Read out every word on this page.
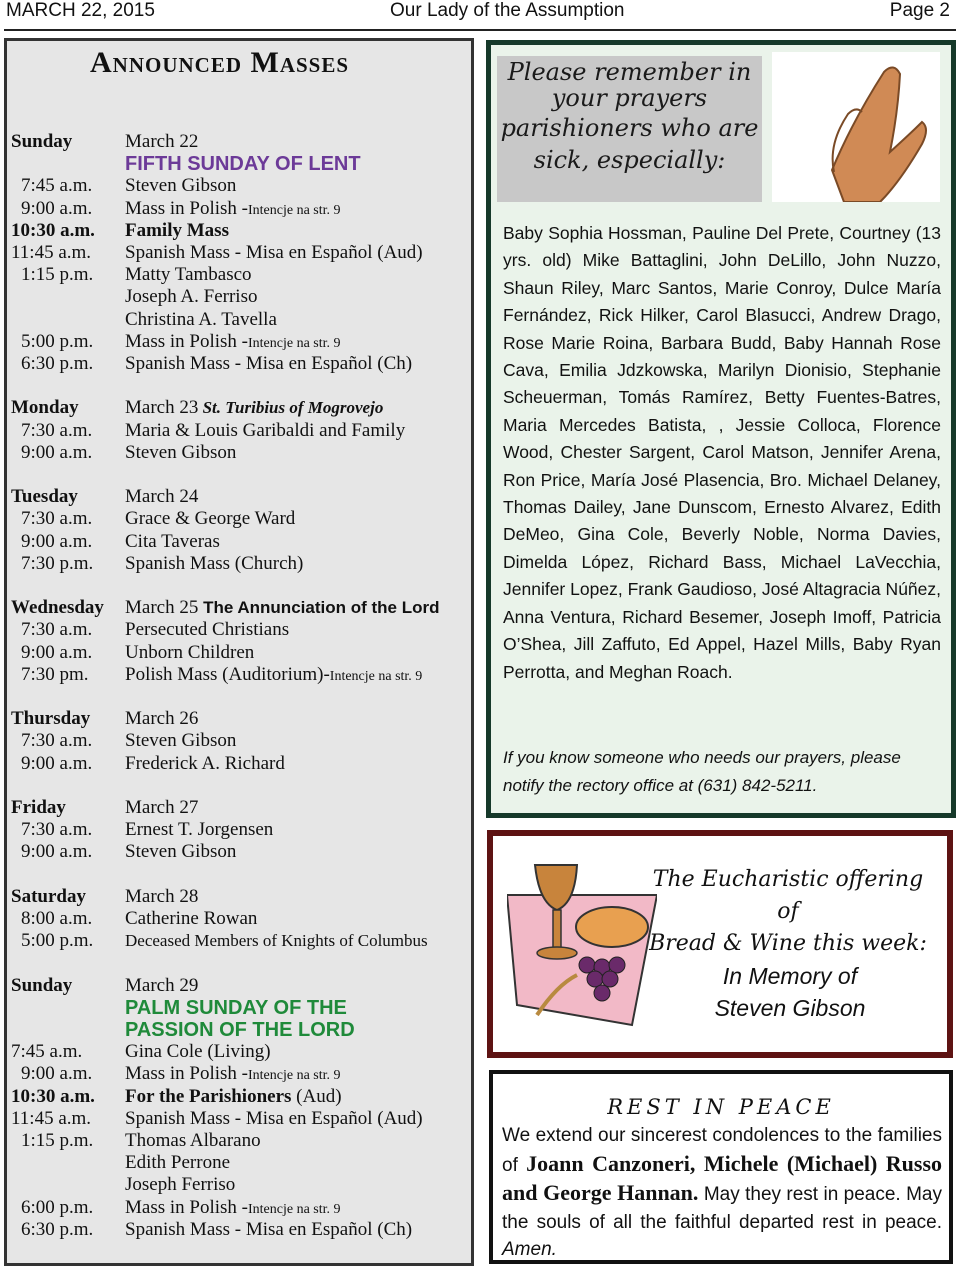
MARCH 22, 2015	Our Lady of the Assumption	Page 2
Announced Masses
Sunday	March 22
FIFTH SUNDAY OF LENT
7:45 a.m. Steven Gibson
9:00 a.m. Mass in Polish -Intencje na str. 9
10:30 a.m. Family Mass
11:45 a.m. Spanish Mass - Misa en Español (Aud)
1:15 p.m. Matty Tambasco
Joseph A. Ferriso
Christina A. Tavella
5:00 p.m. Mass in Polish -Intencje na str. 9
6:30 p.m. Spanish Mass - Misa en Español (Ch)
Monday March 23 St. Turibius of Mogrovejo
7:30 a.m. Maria & Louis Garibaldi and Family
9:00 a.m. Steven Gibson
Tuesday March 24
7:30 a.m. Grace & George Ward
9:00 a.m. Cita Taveras
7:30 p.m. Spanish Mass (Church)
Wednesday March 25 The Annunciation of the Lord
7:30 a.m. Persecuted Christians
9:00 a.m. Unborn Children
7:30 pm. Polish Mass (Auditorium)-Intencje na str. 9
Thursday March 26
7:30 a.m. Steven Gibson
9:00 a.m. Frederick A. Richard
Friday	March 27
7:30 a.m. Ernest T. Jorgensen
9:00 a.m. Steven Gibson
Saturday March 28
8:00 a.m. Catherine Rowan
5:00 p.m. Deceased Members of Knights of Columbus
Sunday	March 29
PALM SUNDAY OF THE
PASSION OF THE LORD
7:45 a.m. Gina Cole (Living)
9:00 a.m. Mass in Polish -Intencje na str. 9
10:30 a.m. For the Parishioners (Aud)
11:45 a.m. Spanish Mass - Misa en Español (Aud)
1:15 p.m. Thomas Albarano
Edith Perrone
Joseph Ferriso
6:00 p.m. Mass in Polish -Intencje na str. 9
6:30 p.m. Spanish Mass - Misa en Español (Ch)
Please remember in
your prayers
parishioners who are
sick, especially:
Baby Sophia Hossman, Pauline Del Prete, Courtney (13 yrs. old) Mike Battaglini, John DeLillo, John Nuzzo, Shaun Riley, Marc Santos, Marie Conroy, Dulce María Fernández, Rick Hilker, Carol Blasucci, Andrew Drago, Rose Marie Roina, Barbara Budd, Baby Hannah Rose Cava, Emilia Jdzkowska, Marilyn Dionisio, Stephanie Scheuerman, Tomás Ramírez, Betty Fuentes-Batres, Maria Mercedes Batista, , Jessie Colloca, Florence Wood, Chester Sargent, Carol Matson, Jennifer Arena, Ron Price, María José Plasencia, Bro. Michael Delaney, Thomas Dailey, Jane Dunscom, Ernesto Alvarez, Edith DeMeo, Gina Cole, Beverly Noble, Norma Davies, Dimelda López, Richard Bass, Michael LaVecchia, Jennifer Lopez, Frank Gaudioso, José Altagracia Núñez, Anna Ventura, Richard Besemer, Joseph Imoff, Patricia O’Shea, Jill Zaffuto, Ed Appel, Hazel Mills, Baby Ryan Perrotta, and Meghan Roach.
If you know someone who needs our prayers, please notify the rectory office at (631) 842-5211.
The Eucharistic offering of
Bread & Wine this week:
In Memory of
Steven Gibson
REST IN PEACE
We extend our sincerest condolences to the families of Joann Canzoneri, Michele (Michael) Russo and George Hannan. May they rest in peace. May the souls of all the faithful departed rest in peace. Amen.
